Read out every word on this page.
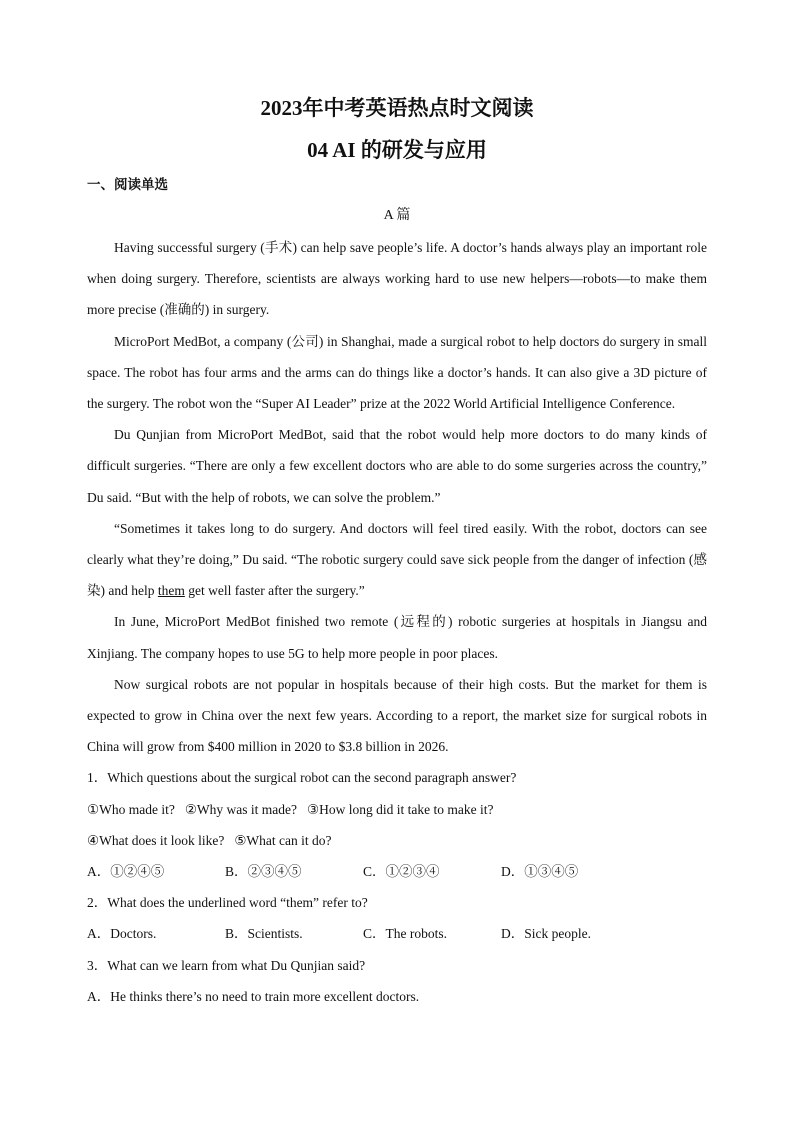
2023年中考英语热点时文阅读
04 AI 的研发与应用
一、阅读单选
A 篇

Having successful surgery (手术) can help save people’s life. A doctor’s hands always play an important role when doing surgery. Therefore, scientists are always working hard to use new helpers—robots—to make them more precise (准确的) in surgery.

MicroPort MedBot, a company (公司) in Shanghai, made a surgical robot to help doctors do surgery in small space. The robot has four arms and the arms can do things like a doctor’s hands. It can also give a 3D picture of the surgery. The robot won the “Super AI Leader” prize at the 2022 World Artificial Intelligence Conference.

Du Qunjian from MicroPort MedBot, said that the robot would help more doctors to do many kinds of difficult surgeries. “There are only a few excellent doctors who are able to do some surgeries across the country,” Du said. “But with the help of robots, we can solve the problem.”

“Sometimes it takes long to do surgery. And doctors will feel tired easily. With the robot, doctors can see clearly what they’re doing,” Du said. “The robotic surgery could save sick people from the danger of infection (感染) and help them get well faster after the surgery.”

In June, MicroPort MedBot finished two remote (远程的) robotic surgeries at hospitals in Jiangsu and Xinjiang. The company hopes to use 5G to help more people in poor places.

Now surgical robots are not popular in hospitals because of their high costs. But the market for them is expected to grow in China over the next few years. According to a report, the market size for surgical robots in China will grow from $400 million in 2020 to $3.8 billion in 2026.

1．Which questions about the surgical robot can the second paragraph answer?

①Who made it? ②Why was it made? ③How long did it take to make it?

④What does it look like? ⑤What can it do?

A．①②④⑤	B．②③④⑤	C．①②③④	D．①③④⑤

2．What does the underlined word “them” refer to?

A．Doctors.	B．Scientists.	C．The robots.	D．Sick people.

3．What can we learn from what Du Qunjian said?

A．He thinks there’s no need to train more excellent doctors.
